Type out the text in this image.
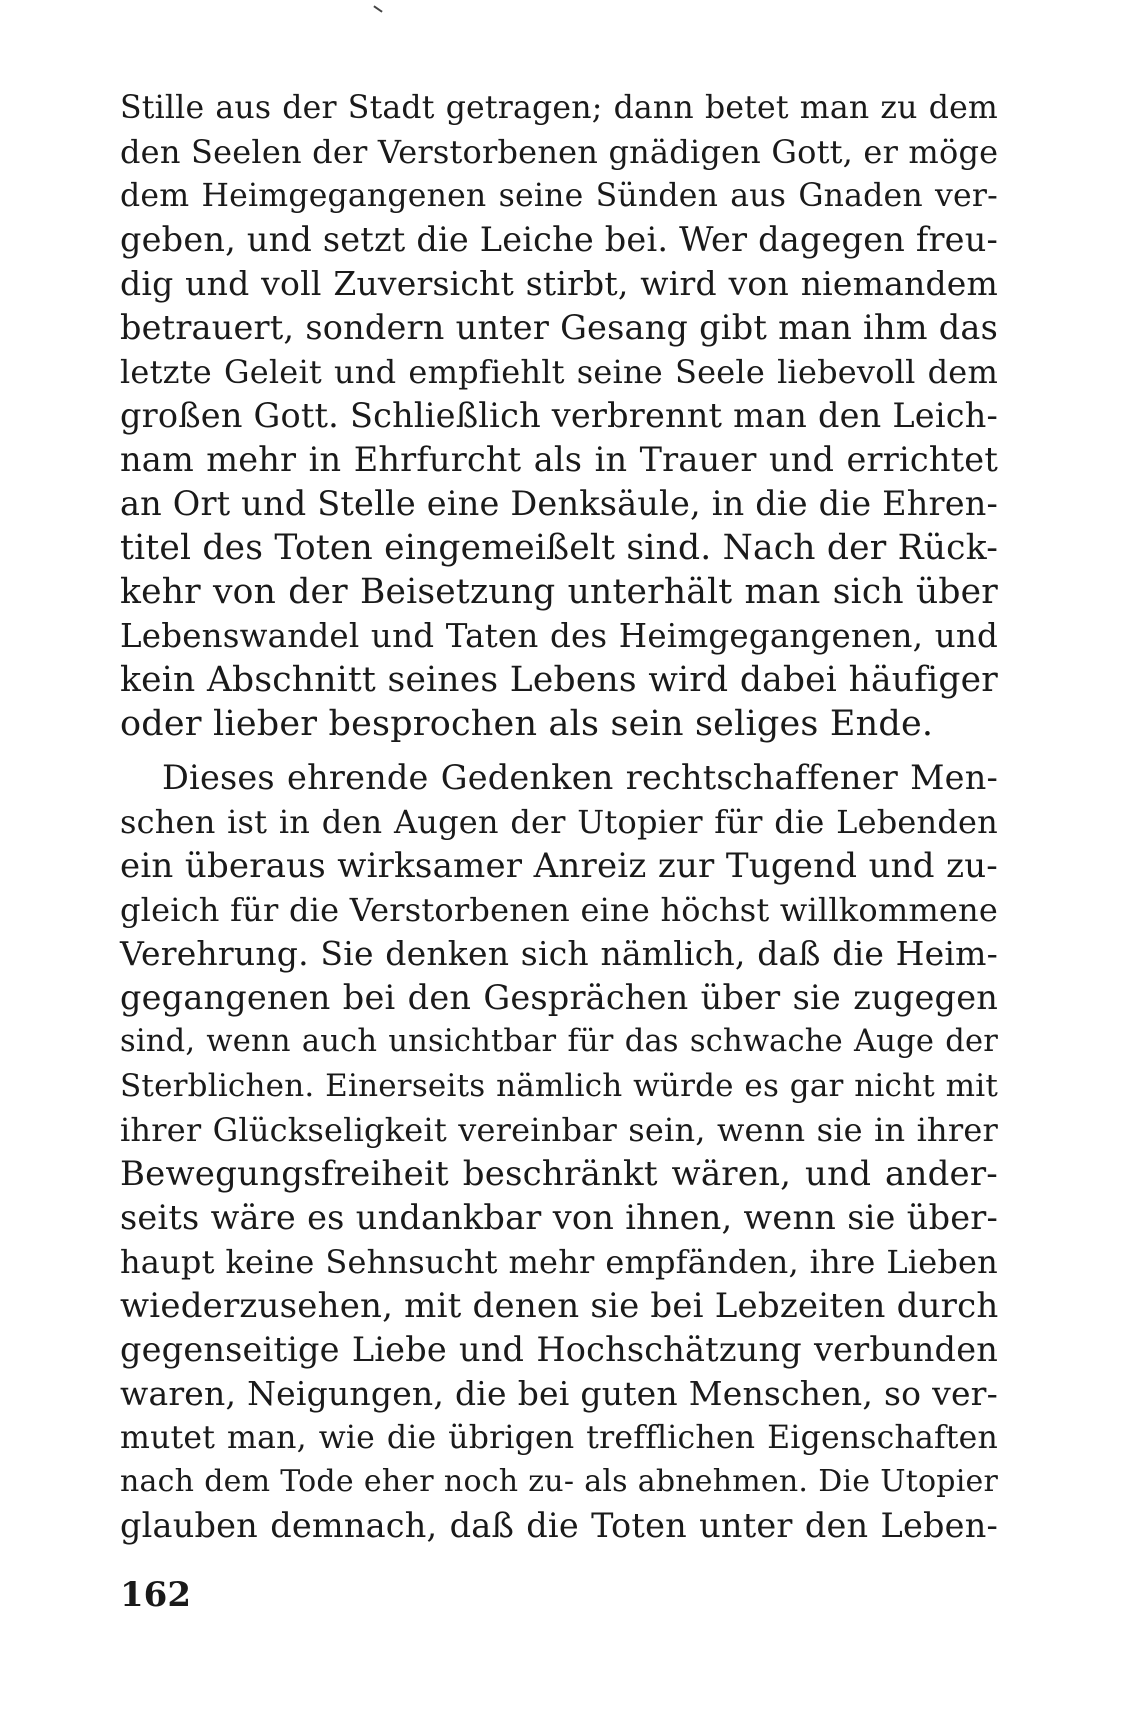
Stille aus der Stadt getragen; dann betet man zu dem
den Seelen der Verstorbenen gnädigen Gott, er möge
dem Heimgegangenen seine Sünden aus Gnaden ver-
geben, und setzt die Leiche bei. Wer dagegen freu-
dig und voll Zuversicht stirbt, wird von niemandem
betrauert, sondern unter Gesang gibt man ihm das
letzte Geleit und empfiehlt seine Seele liebevoll dem
großen Gott. Schließlich verbrennt man den Leich-
nam mehr in Ehrfurcht als in Trauer und errichtet
an Ort und Stelle eine Denksäule, in die die Ehren-
titel des Toten eingemeißelt sind. Nach der Rück-
kehr von der Beisetzung unterhält man sich über
Lebenswandel und Taten des Heimgegangenen, und
kein Abschnitt seines Lebens wird dabei häufiger
oder lieber besprochen als sein seliges Ende.
Dieses ehrende Gedenken rechtschaffener Men-
schen ist in den Augen der Utopier für die Lebenden
ein überaus wirksamer Anreiz zur Tugend und zu-
gleich für die Verstorbenen eine höchst willkommene
Verehrung. Sie denken sich nämlich, daß die Heim-
gegangenen bei den Gesprächen über sie zugegen
sind, wenn auch unsichtbar für das schwache Auge der
Sterblichen. Einerseits nämlich würde es gar nicht mit
ihrer Glückseligkeit vereinbar sein, wenn sie in ihrer
Bewegungsfreiheit beschränkt wären, und ander-
seits wäre es undankbar von ihnen, wenn sie über-
haupt keine Sehnsucht mehr empfänden, ihre Lieben
wiederzusehen, mit denen sie bei Lebzeiten durch
gegenseitige Liebe und Hochschätzung verbunden
waren, Neigungen, die bei guten Menschen, so ver-
mutet man, wie die übrigen trefflichen Eigenschaften
nach dem Tode eher noch zu- als abnehmen. Die Utopier
glauben demnach, daß die Toten unter den Leben-
162
